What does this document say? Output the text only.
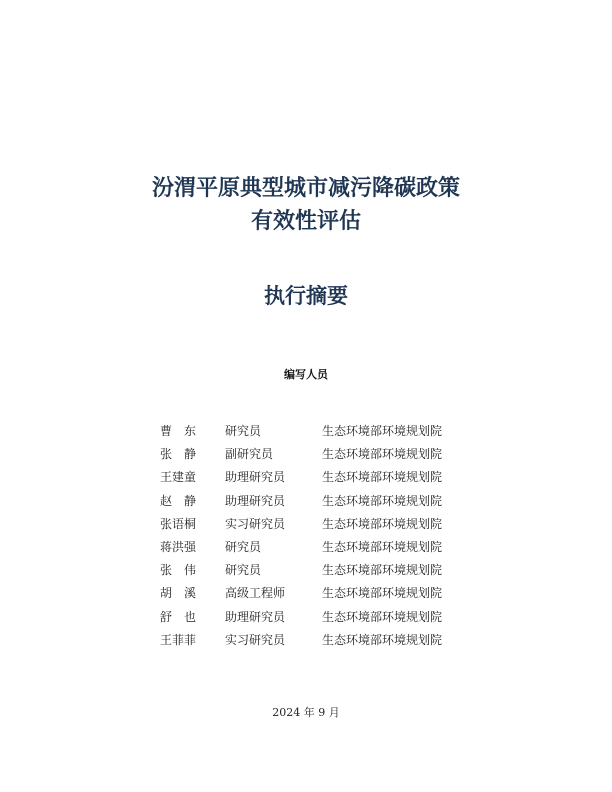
汾渭平原典型城市减污降碳政策
有效性评估
执行摘要
编写人员
曹　东	研究员	生态环境部环境规划院
张　静	副研究员	生态环境部环境规划院
王建童	助理研究员	生态环境部环境规划院
赵　静	助理研究员	生态环境部环境规划院
张语桐	实习研究员	生态环境部环境规划院
蒋洪强	研究员	生态环境部环境规划院
张　伟	研究员	生态环境部环境规划院
胡　溪	高级工程师	生态环境部环境规划院
舒　也	助理研究员	生态环境部环境规划院
王菲菲	实习研究员	生态环境部环境规划院
2024 年 9 月
